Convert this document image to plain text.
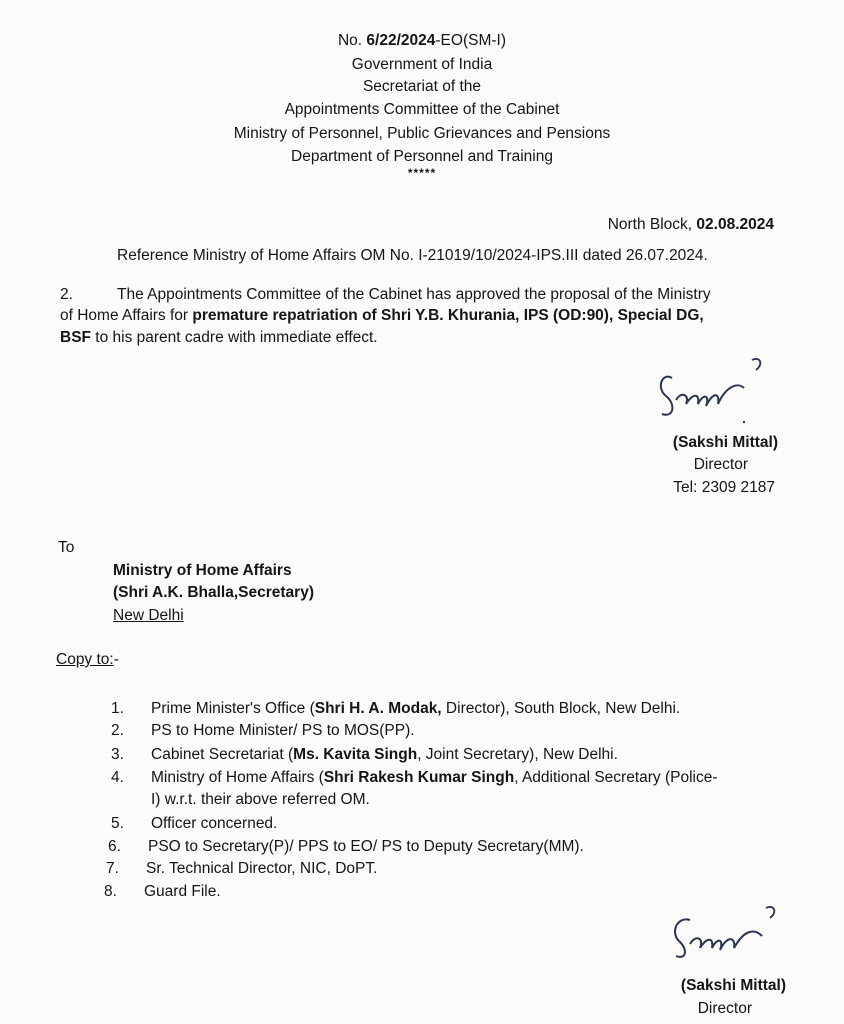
No. 6/22/2024-EO(SM-I)
Government of India
Secretariat of the
Appointments Committee of the Cabinet
Ministry of Personnel, Public Grievances and Pensions
Department of Personnel and Training
*****
North Block, 02.08.2024
Reference Ministry of Home Affairs OM No. I-21019/10/2024-IPS.III dated 26.07.2024.
2.	The Appointments Committee of the Cabinet has approved the proposal of the Ministry
of Home Affairs for premature repatriation of Shri Y.B. Khurania, IPS (OD:90), Special DG,
BSF to his parent cadre with immediate effect.
(Sakshi Mittal)
Director
Tel: 2309 2187
To
Ministry of Home Affairs
(Shri A.K. Bhalla,Secretary)
New Delhi
Copy to:-
1. Prime Minister's Office (Shri H. A. Modak, Director), South Block, New Delhi.
2. PS to Home Minister/ PS to MOS(PP).
3. Cabinet Secretariat (Ms. Kavita Singh, Joint Secretary), New Delhi.
4. Ministry of Home Affairs (Shri Rakesh Kumar Singh, Additional Secretary (Police-
I) w.r.t. their above referred OM.
5. Officer concerned.
6. PSO to Secretary(P)/ PPS to EO/ PS to Deputy Secretary(MM).
7. Sr. Technical Director, NIC, DoPT.
8. Guard File.
(Sakshi Mittal)
Director
